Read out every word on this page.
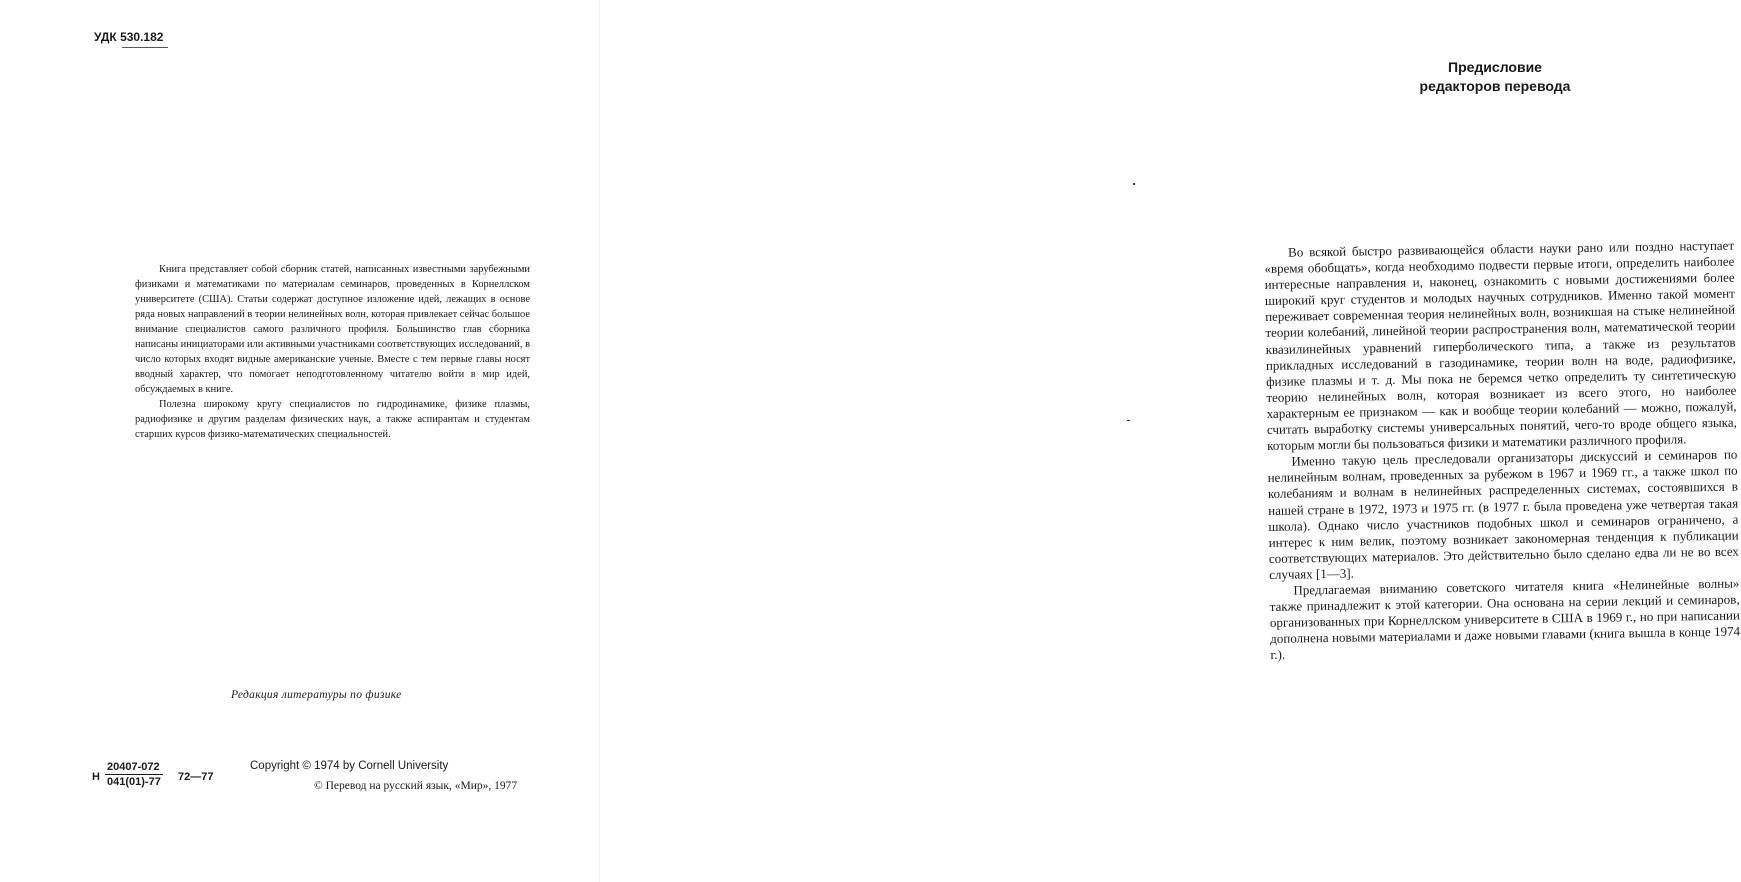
УДК 530.182

Книга представляет собой сборник статей, написанных известными зарубежными физиками и математиками по материалам семинаров, проведенных в Корнеллском университете (США). Статьи содержат доступное изложение идей, лежащих в основе ряда новых направлений в теории нелинейных волн, которая привлекает сейчас большое внимание специалистов самого различного профиля. Большинство глав сборника написаны инициаторами или активными участниками соответствующих исследований, в число которых входят видные американские ученые. Вместе с тем первые главы носят вводный характер, что помогает неподготовленному читателю войти в мир идей, обсуждаемых в книге.

Полезна широкому кругу специалистов по гидродинамике, физике плазмы, радиофизике и другим разделам физических наук, а также аспирантам и студентам старших курсов физико-математических специальностей.

Редакция литературы по физике
Н $\frac{20407-072}{041(01)-77}$ 72—77
Copyright © 1974 by Cornell University
© Перевод на русский язык, «Мир», 1977
Предисловие
редакторов перевода

Во всякой быстро развивающейся области науки рано или поздно наступает «время обобщать», когда необходимо подвести первые итоги, определить наиболее интересные направления и, наконец, ознакомить с новыми достижениями более широкий круг студентов и молодых научных сотрудников. Именно такой момент переживает современная теория нелинейных волн, возникшая на стыке нелинейной теории колебаний, линейной теории распространения волн, математической теории квазилинейных уравнений гиперболического типа, а также из результатов прикладных исследований в газодинамике, теории волн на воде, радиофизике, физике плазмы и т. д. Мы пока не беремся четко определить ту синтетическую теорию нелинейных волн, которая возникает из всего этого, но наиболее характерным ее признаком — как и вообще теории колебаний — можно, пожалуй, считать выработку системы универсальных понятий, чего-то вроде общего языка, которым могли бы пользоваться физики и математики различного профиля.

Именно такую цель преследовали организаторы дискуссий и семинаров по нелинейным волнам, проведенных за рубежом в 1967 и 1969 гг., а также школ по колебаниям и волнам в нелинейных распределенных системах, состоявшихся в нашей стране в 1972, 1973 и 1975 гг. (в 1977 г. была проведена уже четвертая такая школа). Однако число участников подобных школ и семинаров ограничено, а интерес к ним велик, поэтому возникает закономерная тенденция к публикации соответствующих материалов. Это действительно было сделано едва ли не во всех случаях [1—3].

Предлагаемая вниманию советского читателя книга «Нелинейные волны» также принадлежит к этой категории. Она основана на серии лекций и семинаров, организованных при Корнеллском университете в США в 1969 г., но при написании дополнена новыми материалами и даже новыми главами (книга вышла в конце 1974 г.).
